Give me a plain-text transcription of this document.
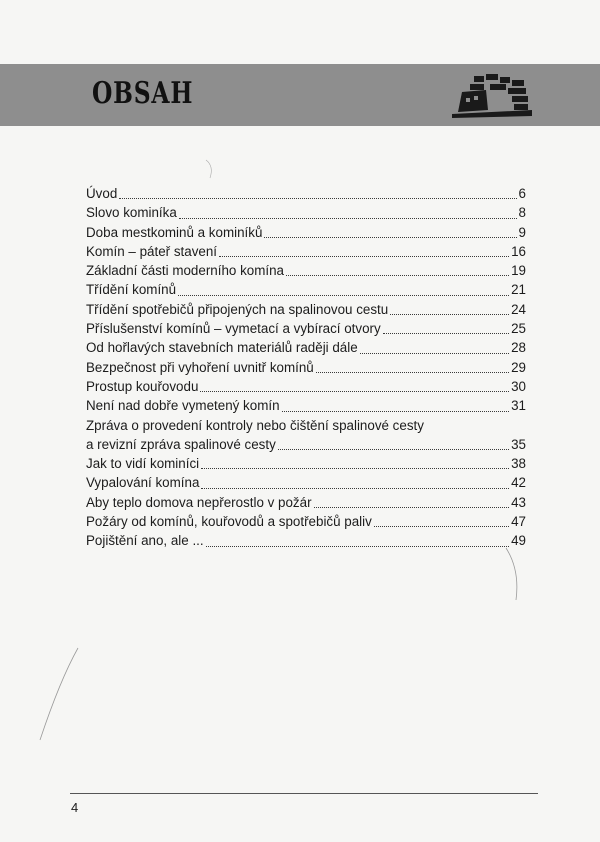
OBSAH
Úvod	6
Slovo kominíka	8
Doba mestkominů a kominíků	9
Komín – páteř stavení	16
Základní části moderního komína	19
Třídění komínů	21
Třídění spotřebičů připojených na spalinovou cestu	24
Příslušenství komínů – vymetací a vybírací otvory	25
Od hořlavých stavebních materiálů raději dále	28
Bezpečnost při vyhoření uvnitř komínů	29
Prostup kouřovodu	30
Není nad dobře vymetený komín	31
Zpráva o provedení kontroly nebo čištění spalinové cesty
a revizní zpráva spalinové cesty	35
Jak to vidí kominíci	38
Vypalování komína	42
Aby teplo domova nepřerostlo v požár	43
Požáry od komínů, kouřovodů a spotřebičů paliv	47
Pojištění ano, ale ...	49
4
